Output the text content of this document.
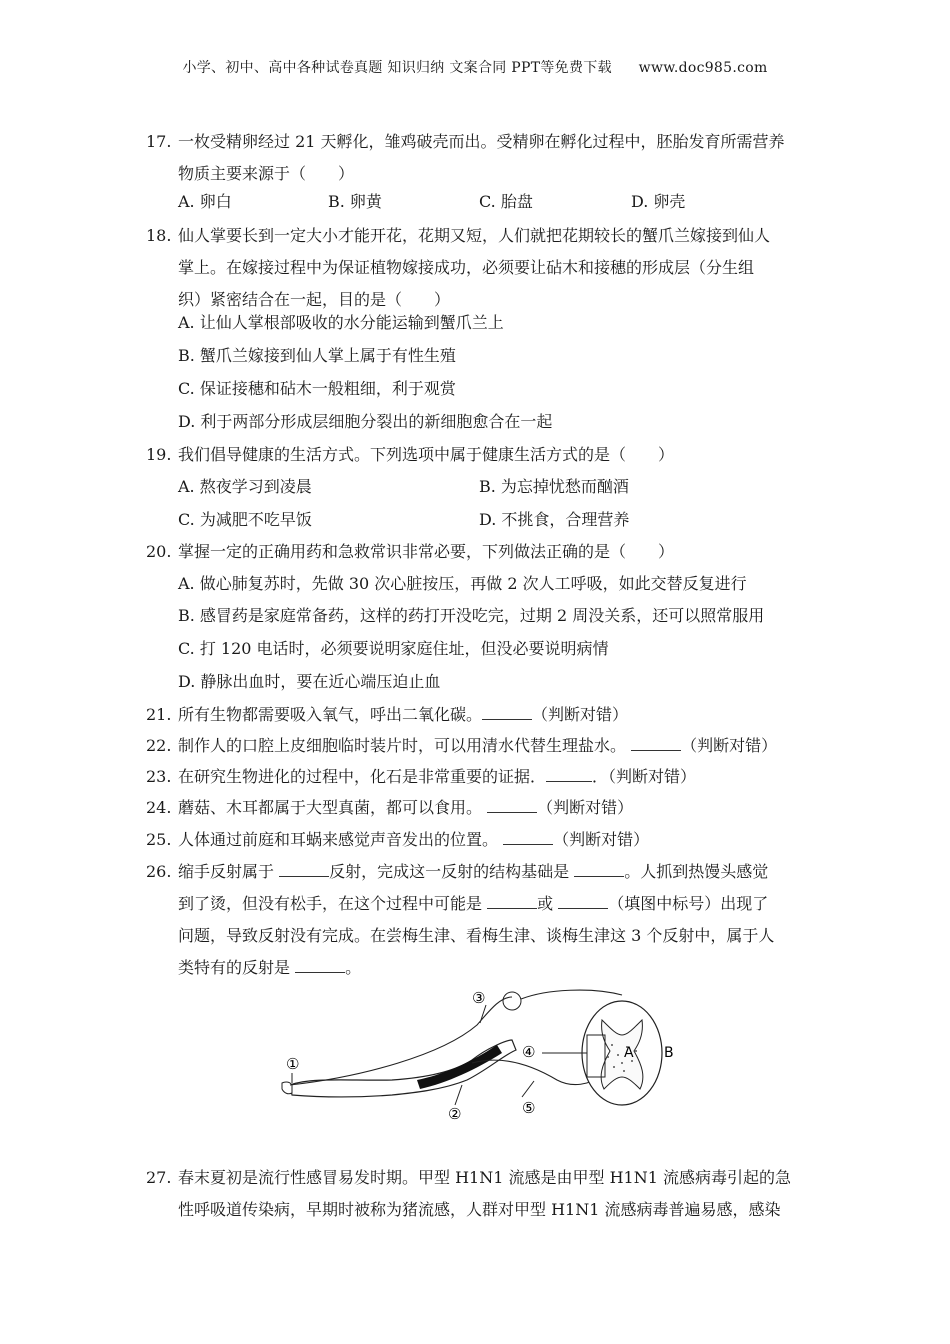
小学、初中、高中各种试卷真题 知识归纳 文案合同 PPT等免费下载 www.doc985.com
17. 一枚受精卵经过 21 天孵化，雏鸡破壳而出。受精卵在孵化过程中，胚胎发育所需营养
物质主要来源于（　　）
A. 卵白	B. 卵黄	C. 胎盘	D. 卵壳
18. 仙人掌要长到一定大小才能开花，花期又短，人们就把花期较长的蟹爪兰嫁接到仙人
掌上。在嫁接过程中为保证植物嫁接成功，必须要让砧木和接穗的形成层（分生组
织）紧密结合在一起，目的是（　　）
A. 让仙人掌根部吸收的水分能运输到蟹爪兰上
B. 蟹爪兰嫁接到仙人掌上属于有性生殖
C. 保证接穗和砧木一般粗细，利于观赏
D. 利于两部分形成层细胞分裂出的新细胞愈合在一起
19. 我们倡导健康的生活方式。下列选项中属于健康生活方式的是（　　）
A. 熬夜学习到凌晨	B. 为忘掉忧愁而酗酒
C. 为减肥不吃早饭	D. 不挑食，合理营养
20. 掌握一定的正确用药和急救常识非常必要，下列做法正确的是（　　）
A. 做心肺复苏时，先做 30 次心脏按压，再做 2 次人工呼吸，如此交替反复进行
B. 感冒药是家庭常备药，这样的药打开没吃完，过期 2 周没关系，还可以照常服用
C. 打 120 电话时，必须要说明家庭住址，但没必要说明病情
D. 静脉出血时，要在近心端压迫止血
21. 所有生物都需要吸入氧气，呼出二氧化碳。	（判断对错）
22. 制作人的口腔上皮细胞临时装片时，可以用清水代替生理盐水。	（判断对错）
23. 在研究生物进化的过程中，化石是非常重要的证据．	．（判断对错）
24. 蘑菇、木耳都属于大型真菌，都可以食用。	（判断对错）
25. 人体通过前庭和耳蜗来感觉声音发出的位置。	（判断对错）
26. 缩手反射属于	反射，完成这一反射的结构基础是	。人抓到热馒头感觉
到了烫，但没有松手，在这个过程中可能是	或	（填图中标号）出现了
问题，导致反射没有完成。在尝梅生津、看梅生津、谈梅生津这 3 个反射中，属于人
类特有的反射是	。
①
②
③
④
⑤
A B
27. 春末夏初是流行性感冒易发时期。甲型 H1N1 流感是由甲型 H1N1 流感病毒引起的急
性呼吸道传染病，早期时被称为猪流感，人群对甲型 H1N1 流感病毒普遍易感，感染
